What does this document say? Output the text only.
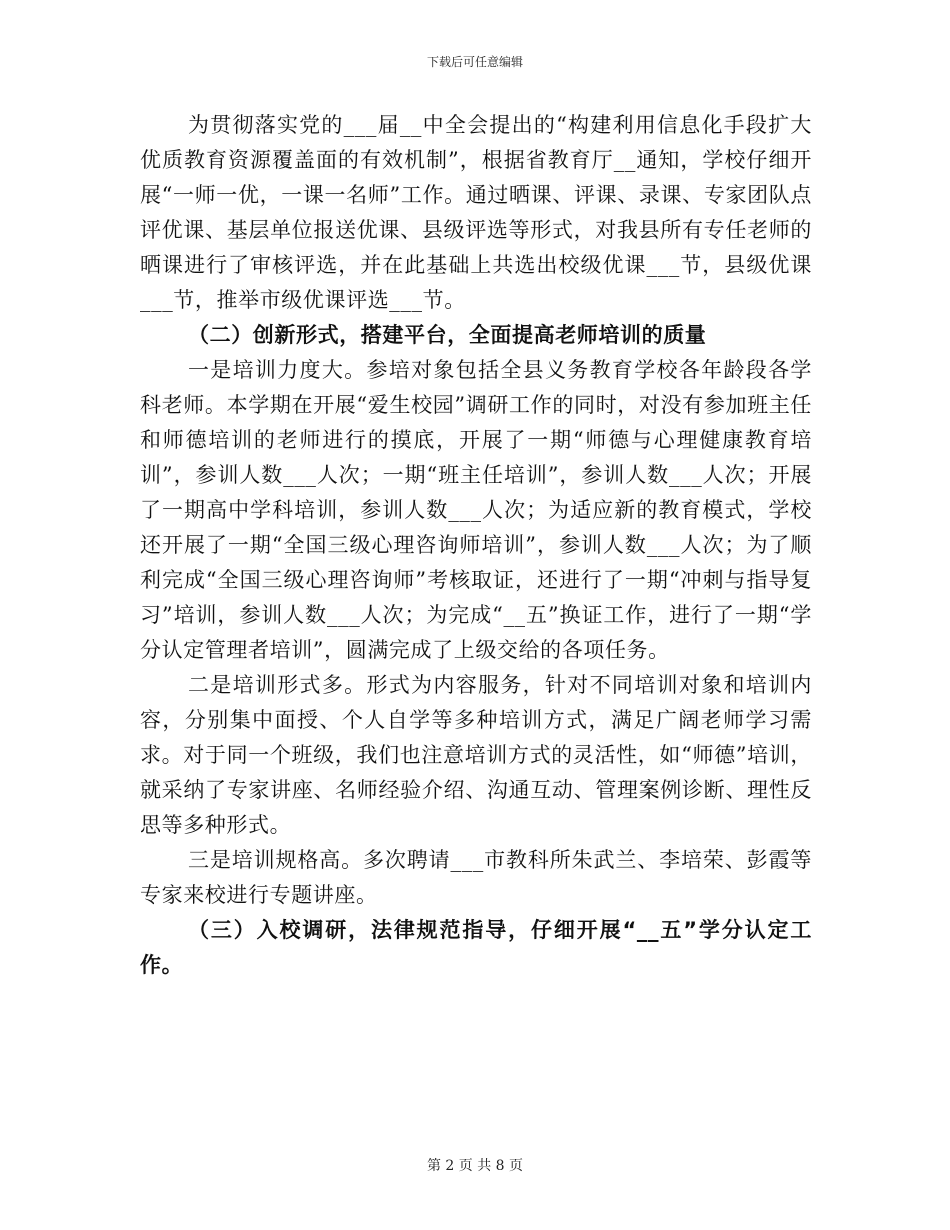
下载后可任意编辑

为贯彻落实党的___届__中全会提出的“构建利用信息化手段扩大优质教育资源覆盖面的有效机制”，根据省教育厅__通知，学校仔细开展“一师一优，一课一名师”工作。通过晒课、评课、录课、专家团队点评优课、基层单位报送优课、县级评选等形式，对我县所有专任老师的晒课进行了审核评选，并在此基础上共选出校级优课___节，县级优课___节，推举市级优课评选___节。

（二）创新形式，搭建平台，全面提高老师培训的质量

一是培训力度大。参培对象包括全县义务教育学校各年龄段各学科老师。本学期在开展“爱生校园”调研工作的同时，对没有参加班主任和师德培训的老师进行的摸底，开展了一期“师德与心理健康教育培训”，参训人数___人次；一期“班主任培训”，参训人数___人次；开展了一期高中学科培训，参训人数___人次；为适应新的教育模式，学校还开展了一期“全国三级心理咨询师培训”，参训人数___人次；为了顺利完成“全国三级心理咨询师”考核取证，还进行了一期“冲刺与指导复习”培训，参训人数___人次；为完成“__五”换证工作，进行了一期“学分认定管理者培训”，圆满完成了上级交给的各项任务。

二是培训形式多。形式为内容服务，针对不同培训对象和培训内容，分别集中面授、个人自学等多种培训方式，满足广阔老师学习需求。对于同一个班级，我们也注意培训方式的灵活性，如“师德”培训，就采纳了专家讲座、名师经验介绍、沟通互动、管理案例诊断、理性反思等多种形式。

三是培训规格高。多次聘请___市教科所朱武兰、李培荣、彭霞等专家来校进行专题讲座。

（三）入校调研，法律规范指导，仔细开展“__五”学分认定工作。

第 2 页 共 8 页
